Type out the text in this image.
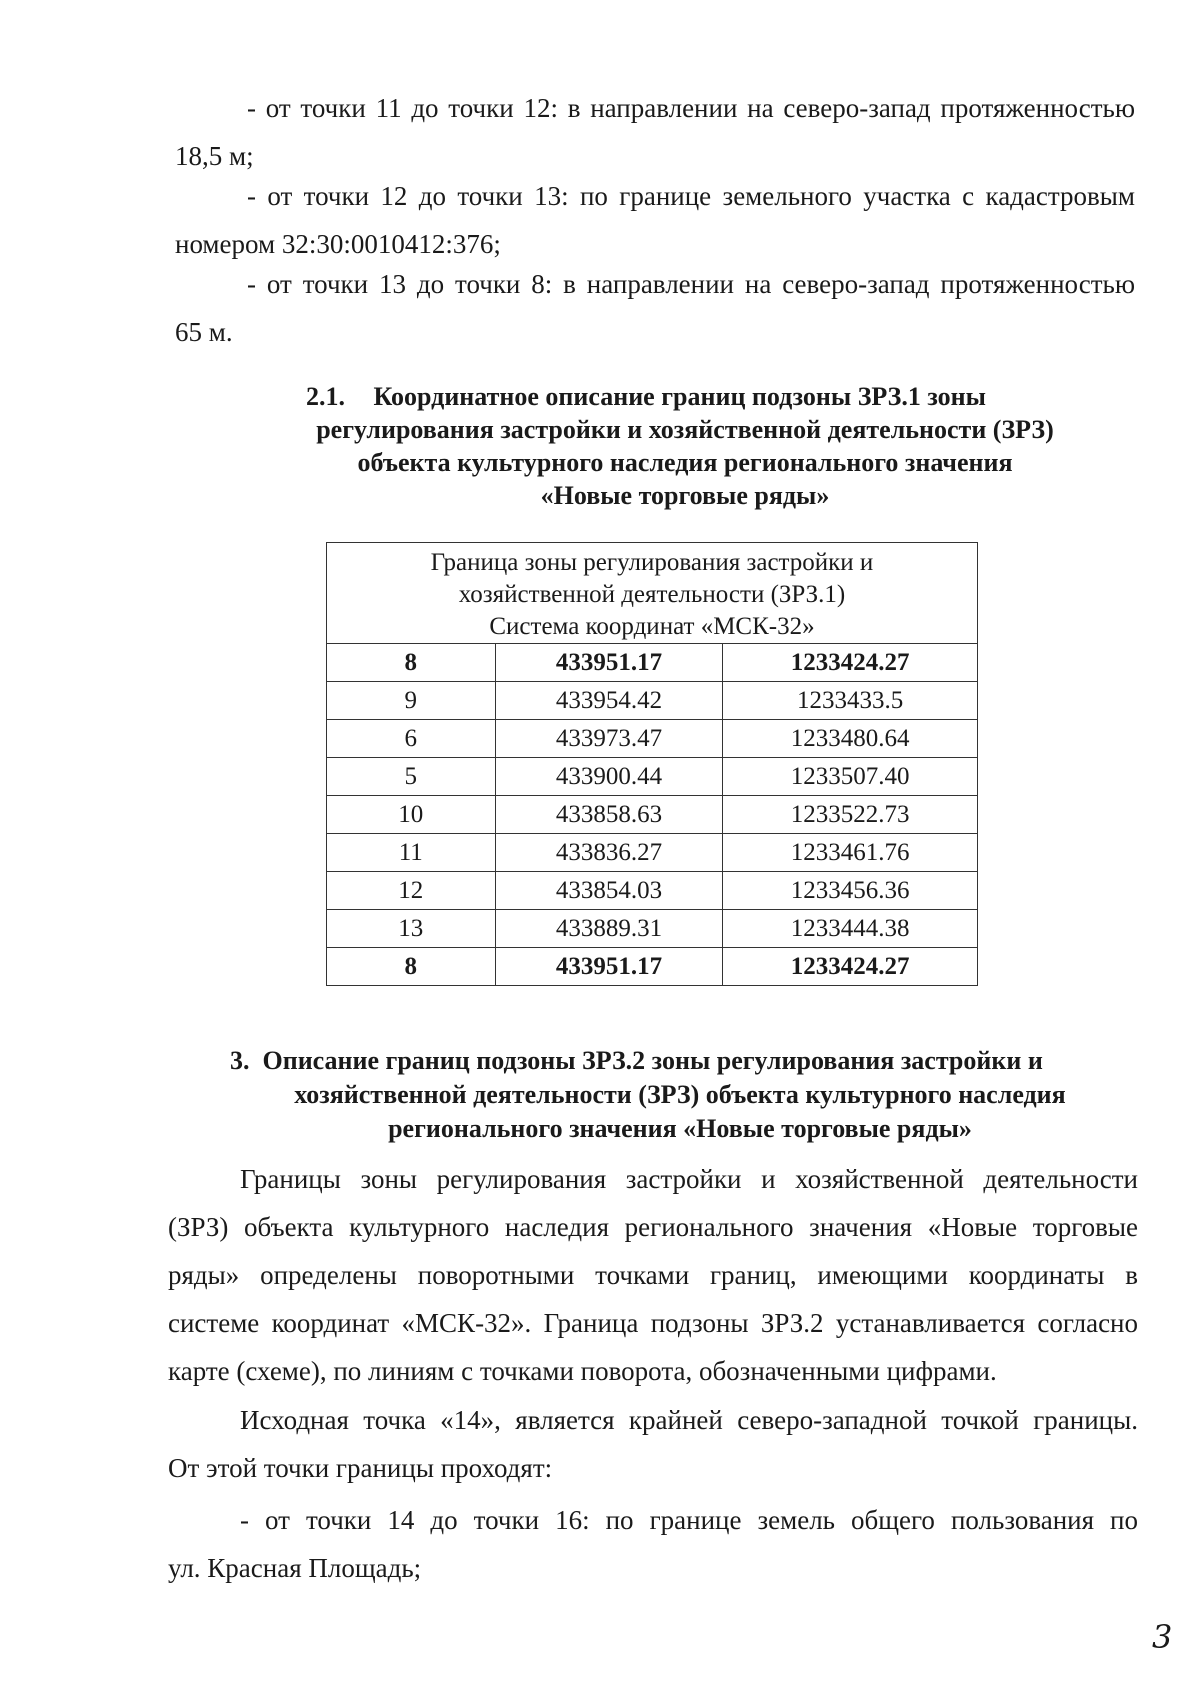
- от точки 11 до точки 12: в направлении на северо-запад протяженностью
18,5 м;
- от точки 12 до точки 13: по границе земельного участка с кадастровым
номером 32:30:0010412:376;
- от точки 13 до точки 8: в направлении на северо-запад протяженностью
65 м.
2.1. Координатное описание границ подзоны ЗРЗ.1 зоны
регулирования застройки и хозяйственной деятельности (ЗРЗ)
объекта культурного наследия регионального значения
«Новые торговые ряды»
Граница зоны регулирования застройки и
хозяйственной деятельности (ЗРЗ.1)
Система координат «МСК-32»		

8	433951.17	1233424.27
9	433954.42	1233433.5
6	433973.47	1233480.64
5	433900.44	1233507.40
10	433858.63	1233522.73
11	433836.27	1233461.76
12	433854.03	1233456.36
13	433889.31	1233444.38
8	433951.17	1233424.27
3.  Описание границ подзоны ЗРЗ.2 зоны регулирования застройки и
хозяйственной деятельности (ЗРЗ) объекта культурного наследия
регионального значения «Новые торговые ряды»
Границы зоны регулирования застройки и хозяйственной деятельности
(ЗРЗ) объекта культурного наследия регионального значения «Новые торговые
ряды» определены поворотными точками границ, имеющими координаты в
системе координат «МСК-32». Граница подзоны ЗРЗ.2 устанавливается согласно
карте (схеме), по линиям с точками поворота, обозначенными цифрами.
Исходная точка «14», является крайней северо-западной точкой границы.
От этой точки границы проходят:
- от точки 14 до точки 16: по границе земель общего пользования по
ул. Красная Площадь;
3
